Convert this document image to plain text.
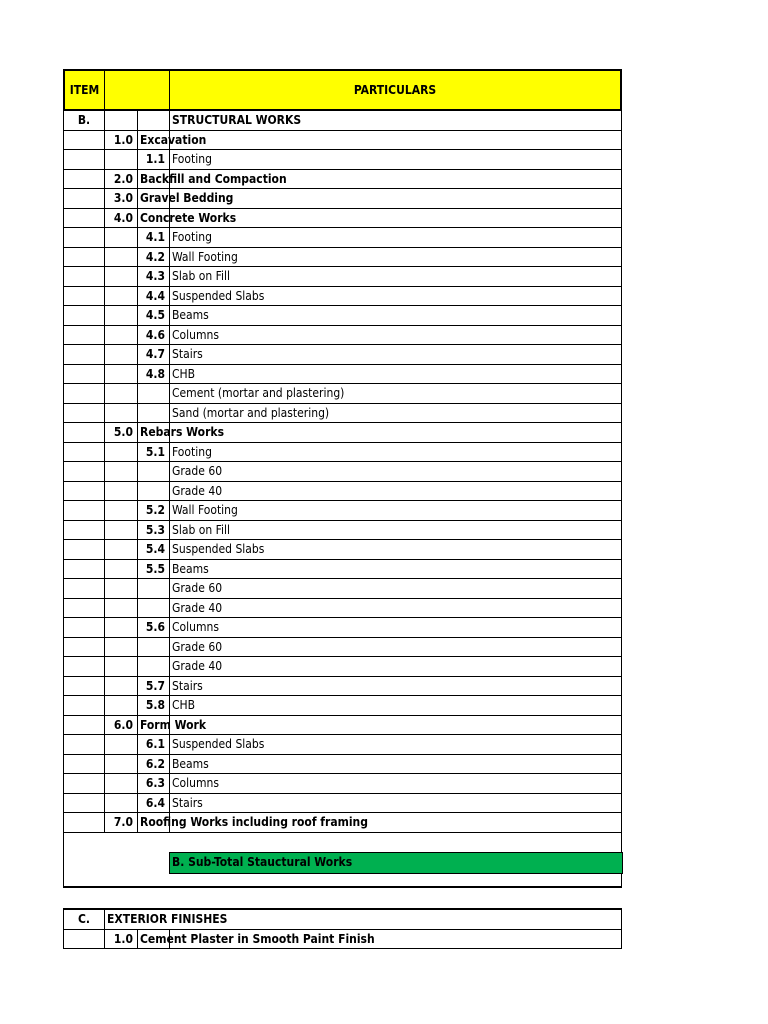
ITEM	PARTICULARS
B.	STRUCTURAL WORKS
1.0 Excavation
1.1 Footing
2.0 Backfill and Compaction
3.0 Gravel Bedding
4.0 Concrete Works
4.1 Footing
4.2 Wall Footing
4.3 Slab on Fill
4.4 Suspended Slabs
4.5 Beams
4.6 Columns
4.7 Stairs
4.8 CHB
Cement (mortar and plastering)
Sand (mortar and plastering)
5.0 Rebars Works
5.1 Footing
Grade 60
Grade 40
5.2 Wall Footing
5.3 Slab on Fill
5.4 Suspended Slabs
5.5 Beams
Grade 60
Grade 40
5.6 Columns
Grade 60
Grade 40
5.7 Stairs
5.8 CHB
6.0 Form Work
6.1 Suspended Slabs
6.2 Beams
6.3 Columns
6.4 Stairs
7.0 Roofing Works including roof framing
B. Sub-Total Stauctural Works
C.	EXTERIOR FINISHES
1.0 Cement Plaster in Smooth Paint Finish
